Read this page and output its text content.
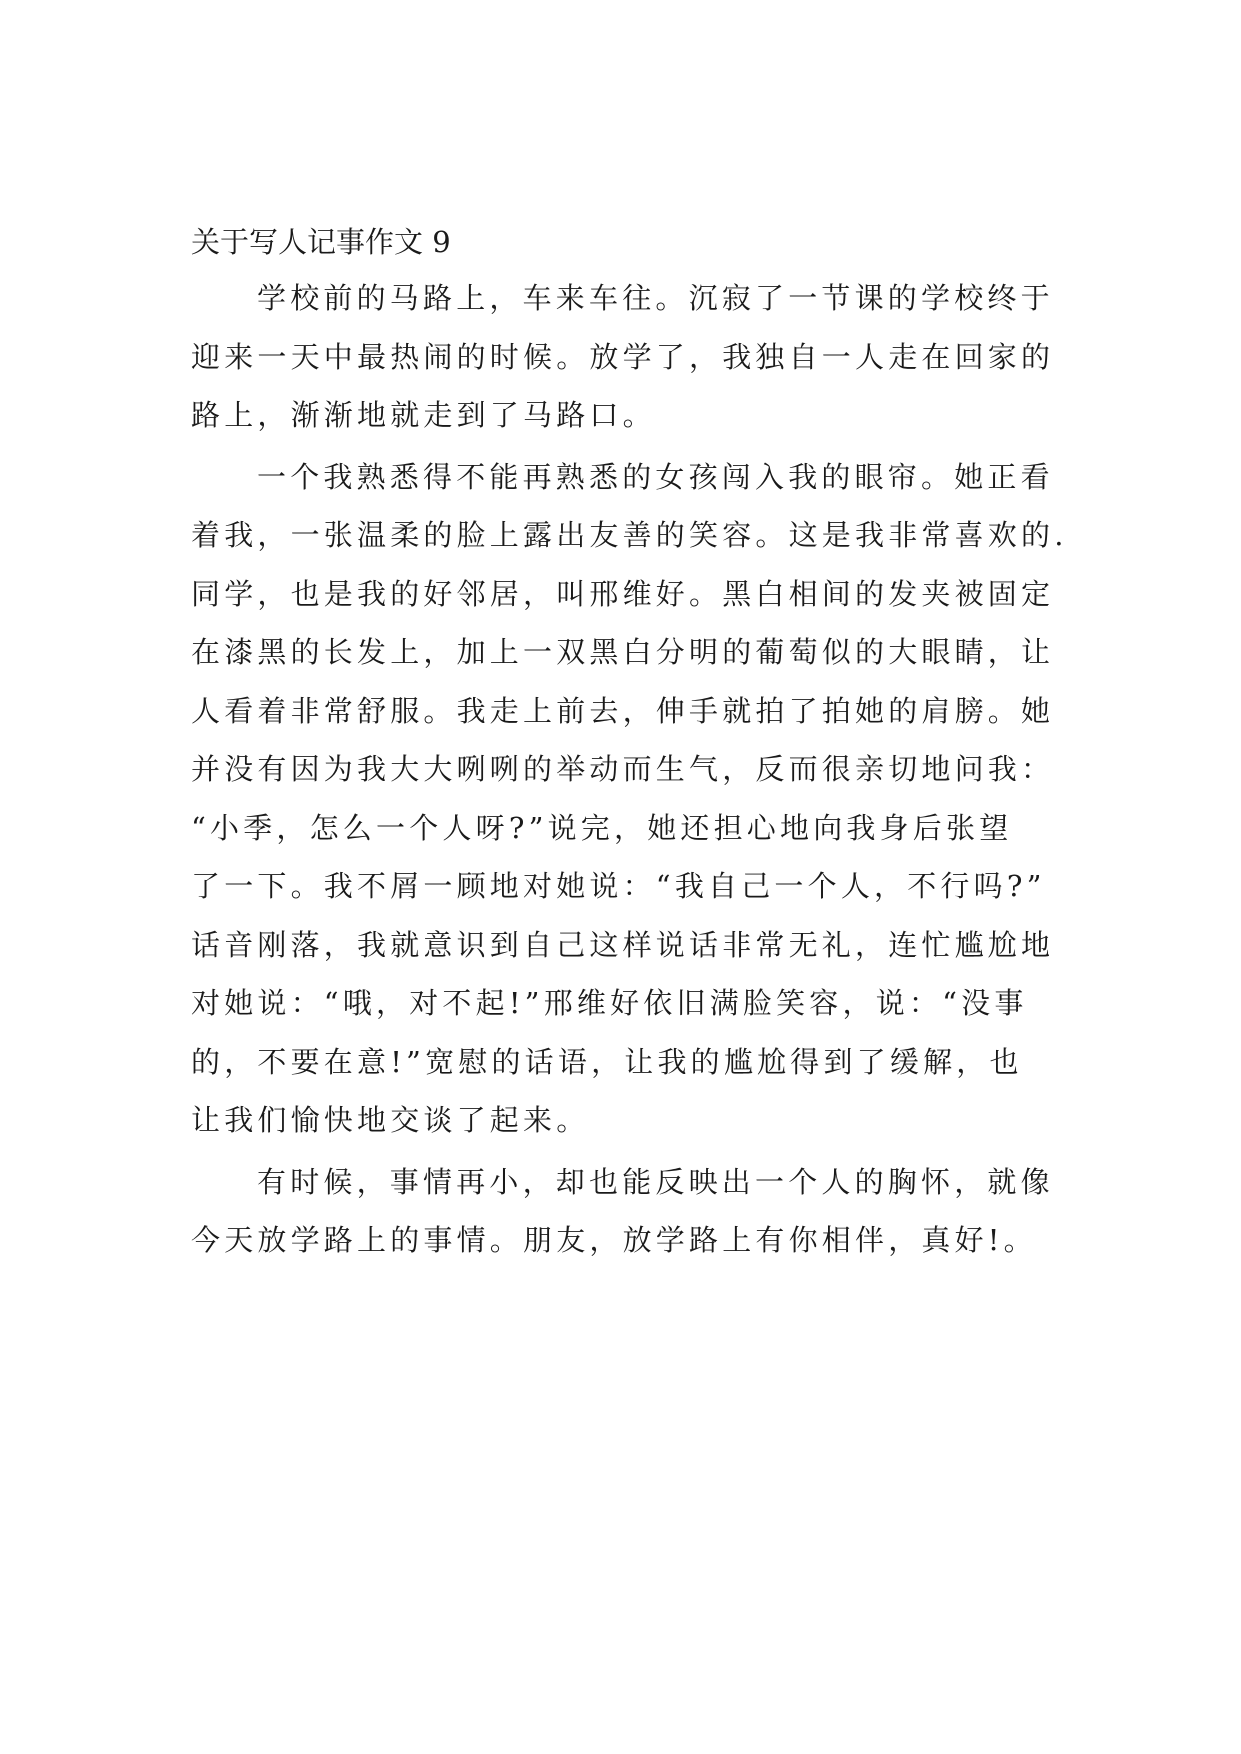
关于写人记事作文 9
学校前的马路上，车来车往。沉寂了一节课的学校终于
迎来一天中最热闹的时候。放学了，我独自一人走在回家的
路上，渐渐地就走到了马路口。
一个我熟悉得不能再熟悉的女孩闯入我的眼帘。她正看
着我，一张温柔的脸上露出友善的笑容。这是我非常喜欢的.
同学，也是我的好邻居，叫邢维好。黑白相间的发夹被固定
在漆黑的长发上，加上一双黑白分明的葡萄似的大眼睛，让
人看着非常舒服。我走上前去，伸手就拍了拍她的肩膀。她
并没有因为我大大咧咧的举动而生气，反而很亲切地问我：
“小季，怎么一个人呀?”说完，她还担心地向我身后张望
了一下。我不屑一顾地对她说：“我自己一个人，不行吗?”
话音刚落，我就意识到自己这样说话非常无礼，连忙尴尬地
对她说：“哦，对不起!”邢维好依旧满脸笑容，说：“没事
的，不要在意!”宽慰的话语，让我的尴尬得到了缓解，也
让我们愉快地交谈了起来。
有时候，事情再小，却也能反映出一个人的胸怀，就像
今天放学路上的事情。朋友，放学路上有你相伴，真好!。
